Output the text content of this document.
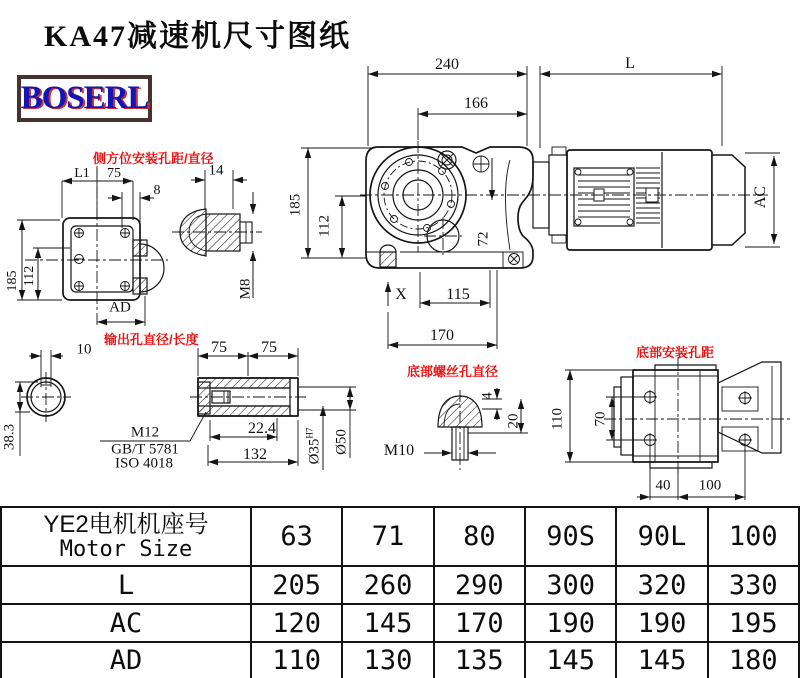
KA47减速机尺寸图纸
BOSERL
侧方位安装孔距/直径
输出孔直径/长度
底部螺丝孔直径
底部安装孔距
L1 75
8
185 112
AD
14
M8
240	L
166
185
112
AC
72
X 115
170
10
38.3
75 75
22.4
132
M12
GB/T 5781
ISO 4018	$Ø35^{H7}$	Ø50 M10
4
20 110 70
40 100
YE2电机机座号
Motor Size	63	71	80	90S	90L	100
L	205	260	290	300	320	330
AC	120	145	170	190	190	195
AD	110	130	135	145	145	180
